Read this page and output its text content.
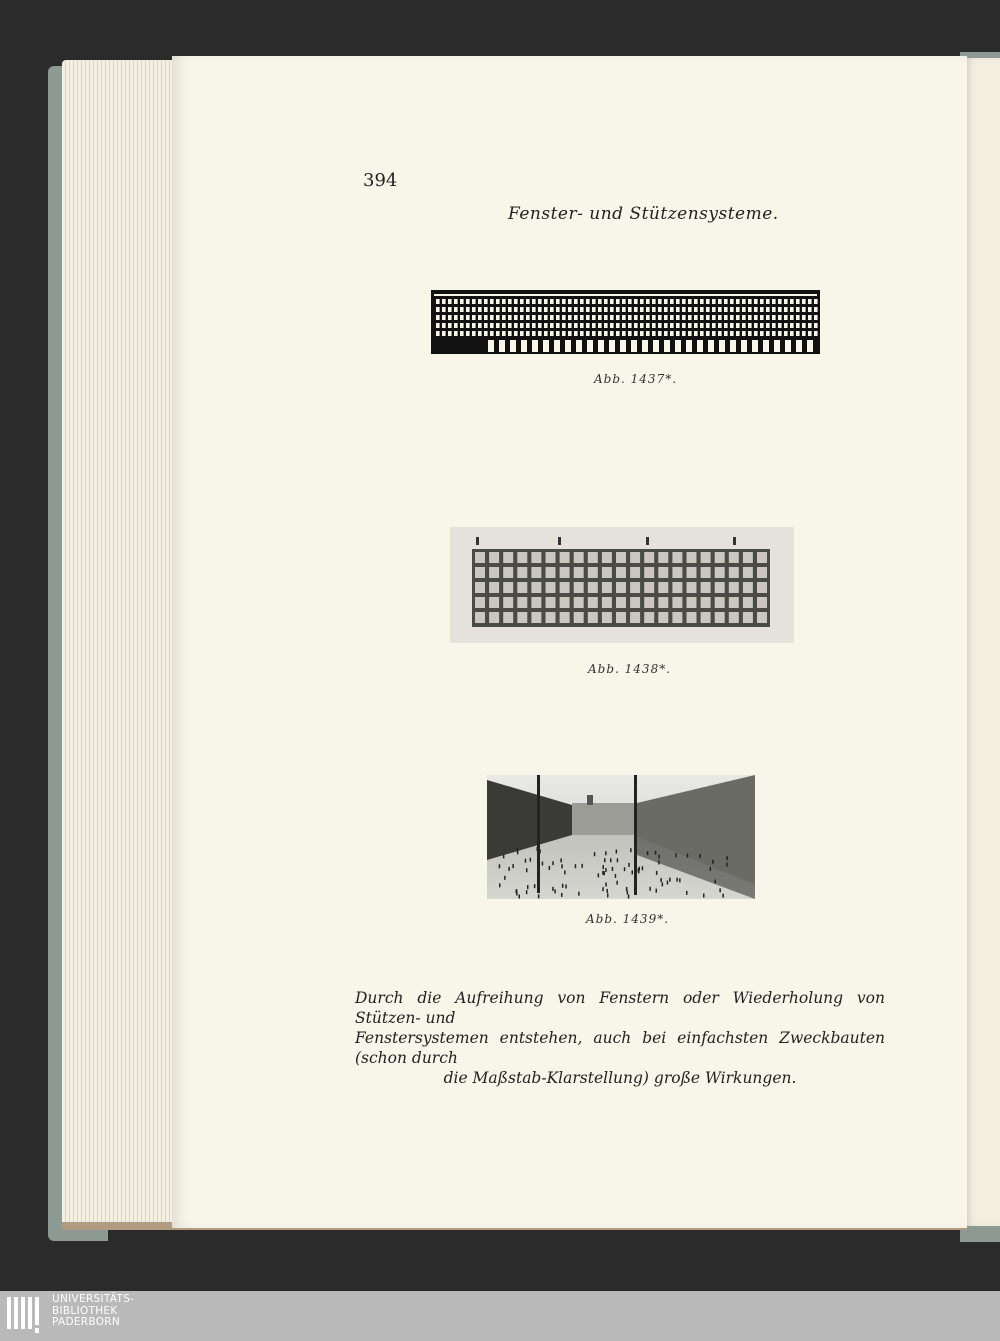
394
Fenster- und Stützensysteme.
Abb. 1437*.
Abb. 1438*.
Abb. 1439*.
Durch die Aufreihung von Fenstern oder Wiederholung von Stützen- und
Fenstersystemen entstehen, auch bei einfachsten Zweckbauten (schon durch
die Maßstab-Klarstellung) große Wirkungen.
UNIVERSITÄTS-
BIBLIOTHEK
PADERBORN
